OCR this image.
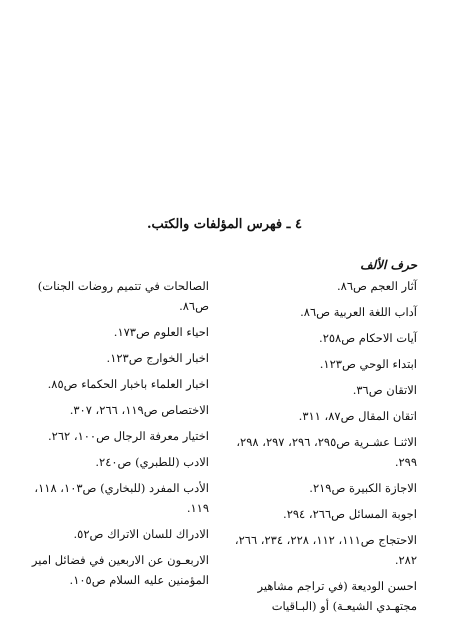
٤ ـ فهرس المؤلفات والكتب.
حرف الألف
آثار العجم ص٨٦.
آداب اللغة العربية ص٨٦.
آيات الاحكام ص٢٥٨.
ابتداء الوحي ص١٢٣.
الاتقان ص٣٦.
اتقان المقال ص٨٧، ٣١١.
الاثنـا عشـرية ص٢٩٥، ٢٩٦، ٢٩٧، ٢٩٨، ٢٩٩.
الاجازة الكبيرة ص٢١٩.
اجوبة المسائل ص٢٦٦، ٢٩٤.
الاحتجاج ص١١١، ١١٢، ٢٢٨، ٢٣٤، ٢٦٦، ٢٨٢.
احسن الوديعة (في تراجم مشاهير مجتهـدي الشيعـة) أو (البـاقيات
الصالحات في تتميم روضات الجنات) ص٨٦.
احياء العلوم ص١٧٣.
اخبار الخوارج ص١٢٣.
اخبار العلماء باخبار الحكماء ص٨٥.
الاختصاص ص١١٩، ٢٦٦، ٣٠٧.
اختيار معرفة الرجال ص١٠٠، ٢٦٢.
الادب (للطبري) ص٢٤٠.
الأدب المفرد (للبخاري) ص١٠٣، ١١٨، ١١٩.
الادراك للسان الاتراك ص٥٢.
الاربعـون عن الاربعين في فضائل امير المؤمنين عليه السلام ص١٠٥.
